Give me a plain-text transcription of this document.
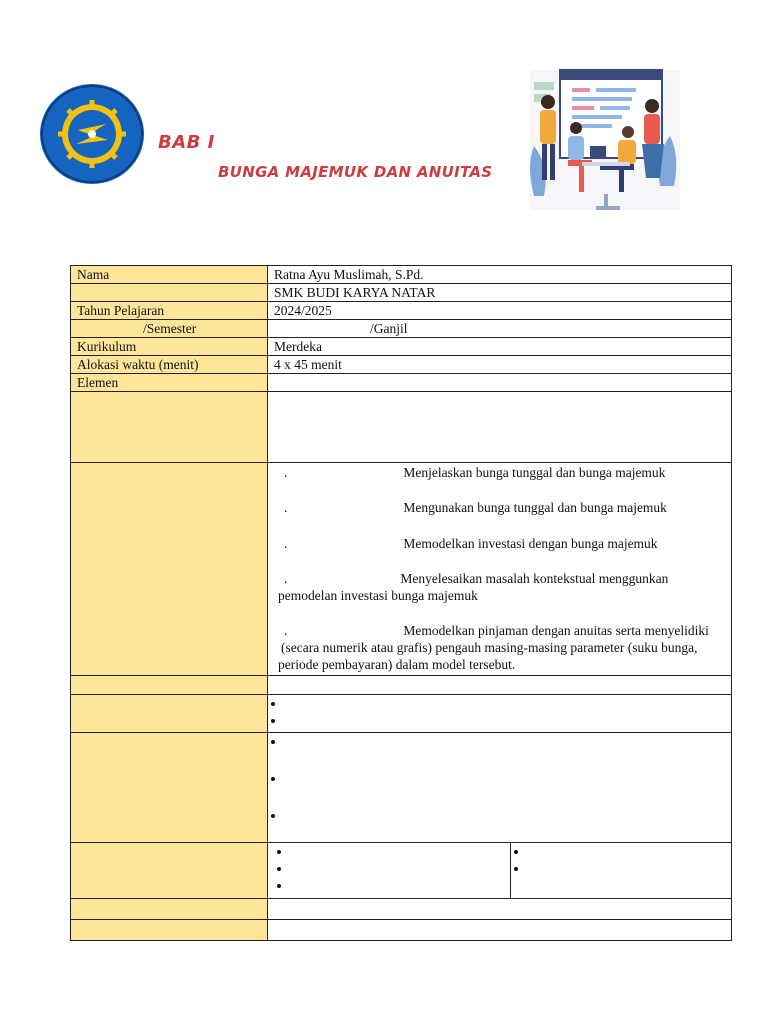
BAB I
BUNGA MAJEMUK DAN ANUITAS
Nama	Ratna Ayu Muslimah, S.Pd.
	SMK BUDI KARYA NATAR
Tahun Pelajaran	2024/2025
/Semester	/Ganjil
Kurikulum	Merdeka
Alokasi waktu (menit)	4 x 45 menit
Elemen	

.	Menjelaskan bunga tunggal dan bunga majemuk
.	Mengunakan bunga tunggal dan bunga majemuk
.	Memodelkan investasi dengan bunga majemuk
.	Menyelesaikan masalah kontekstual menggunkan
pemodelan investasi bunga majemuk
.	Memodelkan pinjaman dengan anuitas serta menyelidiki
(secara numerik atau grafis) pengauh masing-masing parameter (suku bunga,
periode pembayaran) dalam model tersebut.

•
•

•
•
•

•
•
•

•
•
